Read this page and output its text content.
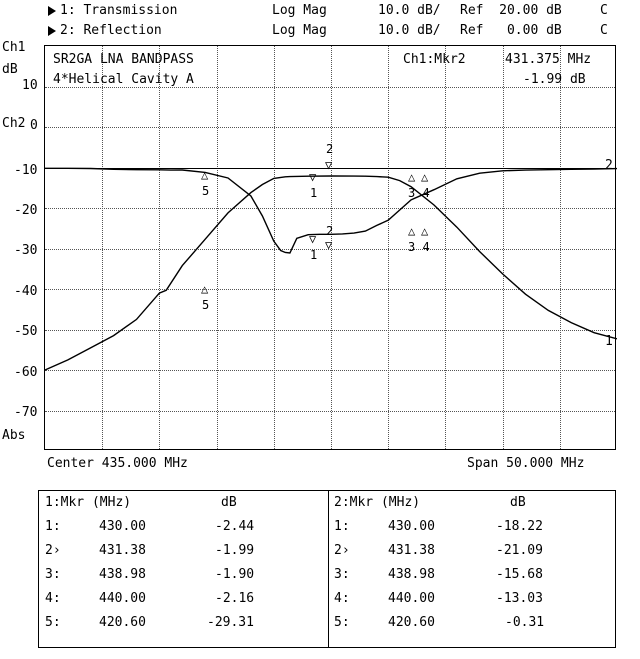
1: Transmission	Log Mag	10.0 dB/ Ref  20.00 dB	C
2: Reflection	Log Mag	10.0 dB/ Ref   0.00 dB	C
Ch1
dB
Ch2
Abs
10
0
-10
-20
-30
-40
-50
-60
-70
SR2GA LNA BANDPASS
4*Helical Cavity A
Ch1:Mkr2	431.375 MHz
-1.99 dB
2
1
△
5
2
▽
▽
1
△ △
3 4
2
▽
▽
1
△ △
3 4
△
5
Center 435.000 MHz	Span 50.000 MHz
1:Mkr (MHz)	dB
1:	430.00	-2.44
2›	431.38	-1.99
3:	438.98	-1.90
4:	440.00	-2.16
5:	420.60	-29.31
2:Mkr (MHz)	dB
1:	430.00	-18.22
2›	431.38	-21.09
3:	438.98	-15.68
4:	440.00	-13.03
5:	420.60	-0.31
